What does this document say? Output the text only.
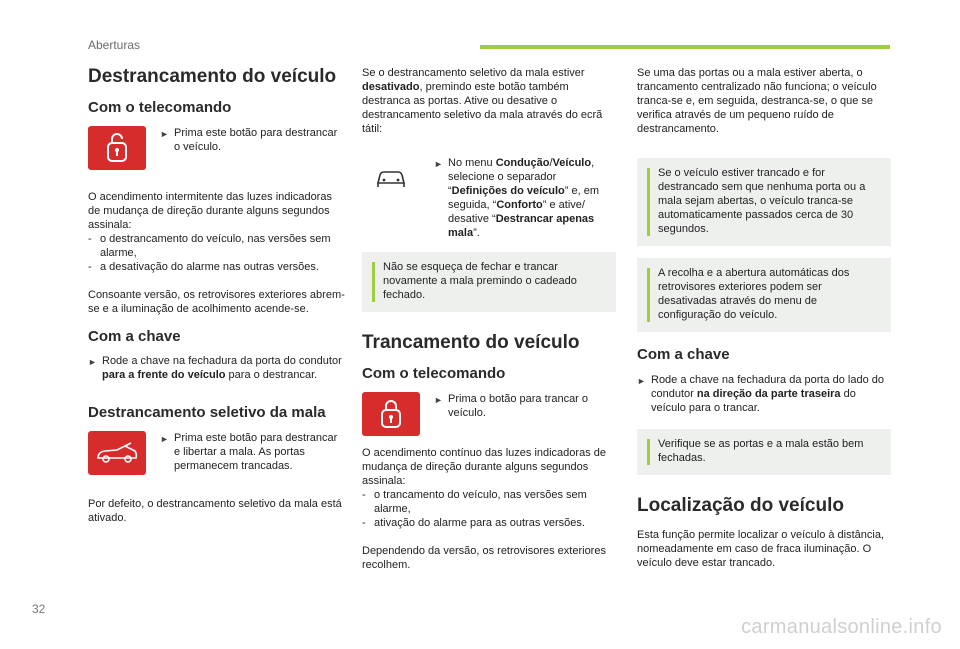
Aberturas
Destrancamento do veículo
Com o telecomando
► Prima este botão para destrancar o veículo.

O acendimento intermitente das luzes indicadoras de mudança de direção durante alguns segundos assinala:

- o destrancamento do veículo, nas versões sem alarme,
- a desativação do alarme nas outras versões.

Consoante versão, os retrovisores exteriores abrem-se e a iluminação de acolhimento acende-se.

Com a chave
► Rode a chave na fechadura da porta do condutor para a frente do veículo para o destrancar.
Destrancamento seletivo da mala
► Prima este botão para destrancar e libertar a mala. As portas permanecem trancadas.

Por defeito, o destrancamento seletivo da mala está ativado.

Se o destrancamento seletivo da mala estiver desativado, premindo este botão também destranca as portas. Ative ou desative o destrancamento seletivo da mala através do ecrã tátil:

► No menu Condução/Veículo, selecione o separador “Definições do veículo” e, em seguida, “Conforto” e ative/ desative “Destrancar apenas mala”.
Não se esqueça de fechar e trancar novamente a mala premindo o cadeado fechado.
Trancamento do veículo
Com o telecomando
► Prima o botão para trancar o veículo.

O acendimento contínuo das luzes indicadoras de mudança de direção durante alguns segundos assinala:

- o trancamento do veículo, nas versões sem alarme,
- ativação do alarme para as outras versões.

Dependendo da versão, os retrovisores exteriores recolhem.

Se uma das portas ou a mala estiver aberta, o trancamento centralizado não funciona; o veículo tranca-se e, em seguida, destranca-se, o que se verifica através de um pequeno ruído de destrancamento.

Se o veículo estiver trancado e for destrancado sem que nenhuma porta ou a mala sejam abertas, o veículo tranca-se automaticamente passados cerca de 30 segundos.
A recolha e a abertura automáticas dos retrovisores exteriores podem ser desativadas através do menu de configuração do veículo.
Com a chave
► Rode a chave na fechadura da porta do lado do condutor na direção da parte traseira do veículo para o trancar.
Verifique se as portas e a mala estão bem fechadas.
Localização do veículo

Esta função permite localizar o veículo à distância, nomeadamente em caso de fraca iluminação. O veículo deve estar trancado.

32
carmanualsonline.info
